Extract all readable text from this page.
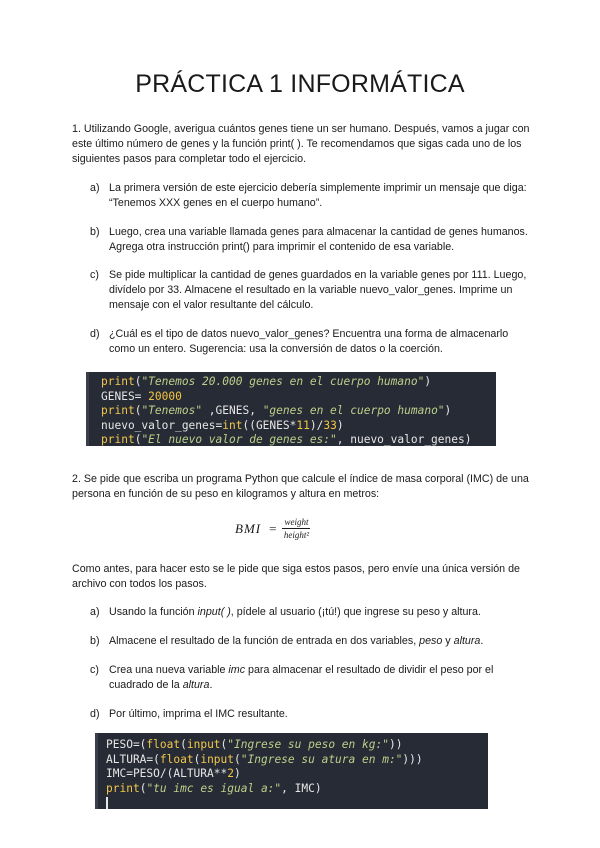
PRÁCTICA 1 INFORMÁTICA

1. Utilizando Google, averigua cuántos genes tiene un ser humano. Después, vamos a jugar con este último número de genes y la función print( ). Te recomendamos que sigas cada uno de los siguientes pasos para completar todo el ejercicio.

a) La primera versión de este ejercicio debería simplemente imprimir un mensaje que diga: “Tenemos XXX genes en el cuerpo humano”.
b) Luego, crea una variable llamada genes para almacenar la cantidad de genes humanos. Agrega otra instrucción print() para imprimir el contenido de esa variable.
c) Se pide multiplicar la cantidad de genes guardados en la variable genes por 111. Luego, divídelo por 33. Almacene el resultado en la variable nuevo_valor_genes. Imprime un mensaje con el valor resultante del cálculo.
d) ¿Cuál es el tipo de datos nuevo_valor_genes? Encuentra una forma de almacenarlo como un entero. Sugerencia: usa la conversión de datos o la coerción.
print("Tenemos 20.000 genes en el cuerpo humano")
GENES= 20000
print("Tenemos" ,GENES, "genes en el cuerpo humano")
nuevo_valor_genes=int((GENES*11)/33)
print("El nuevo valor de genes es:", nuevo_valor_genes)

2. Se pide que escriba un programa Python que calcule el índice de masa corporal (IMC) de una persona en función de su peso en kilogramos y altura en metros:

BMI = $\frac{\text{weight}}{\text{height²}}$

Como antes, para hacer esto se le pide que siga estos pasos, pero envíe una única versión de archivo con todos los pasos.

a) Usando la función input( ), pídele al usuario (¡tú!) que ingrese su peso y altura.
b) Almacene el resultado de la función de entrada en dos variables, peso y altura.
c) Crea una nueva variable imc para almacenar el resultado de dividir el peso por el cuadrado de la altura.
d) Por último, imprima el IMC resultante.
PESO=(float(input("Ingrese su peso en kg:"))
ALTURA=(float(input("Ingrese su atura en m:")))
IMC=PESO/(ALTURA**2)
print("tu imc es igual a:", IMC)
